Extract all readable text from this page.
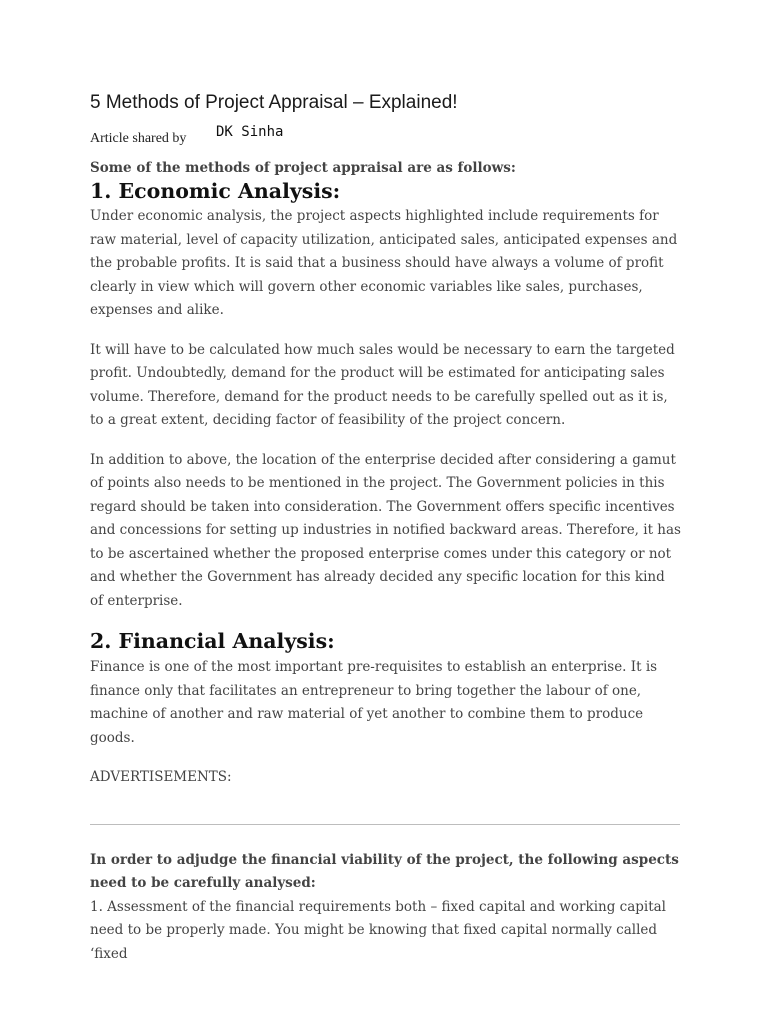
5 Methods of Project Appraisal – Explained!
Article shared by DK Sinha

Some of the methods of project appraisal are as follows:

1. Economic Analysis:

Under economic analysis, the project aspects highlighted include requirements for raw material, level of capacity utilization, anticipated sales, anticipated expenses and the probable profits. It is said that a business should have always a volume of profit clearly in view which will govern other economic variables like sales, purchases, expenses and alike.

It will have to be calculated how much sales would be necessary to earn the targeted profit. Undoubtedly, demand for the product will be estimated for anticipating sales volume. Therefore, demand for the product needs to be carefully spelled out as it is, to a great extent, deciding factor of feasibility of the project concern.

In addition to above, the location of the enterprise decided after considering a gamut of points also needs to be mentioned in the project. The Government policies in this regard should be taken into consideration. The Government offers specific incentives and concessions for setting up industries in notified backward areas. Therefore, it has to be ascertained whether the proposed enterprise comes under this category or not and whether the Government has already decided any specific location for this kind of enterprise.

2. Financial Analysis:

Finance is one of the most important pre-requisites to establish an enterprise. It is finance only that facilitates an entrepreneur to bring together the labour of one, machine of another and raw material of yet another to combine them to produce goods.

ADVERTISEMENTS:

In order to adjudge the financial viability of the project, the following aspects need to be carefully analysed:

1. Assessment of the financial requirements both – fixed capital and working capital need to be properly made. You might be knowing that fixed capital normally called ‘fixed
